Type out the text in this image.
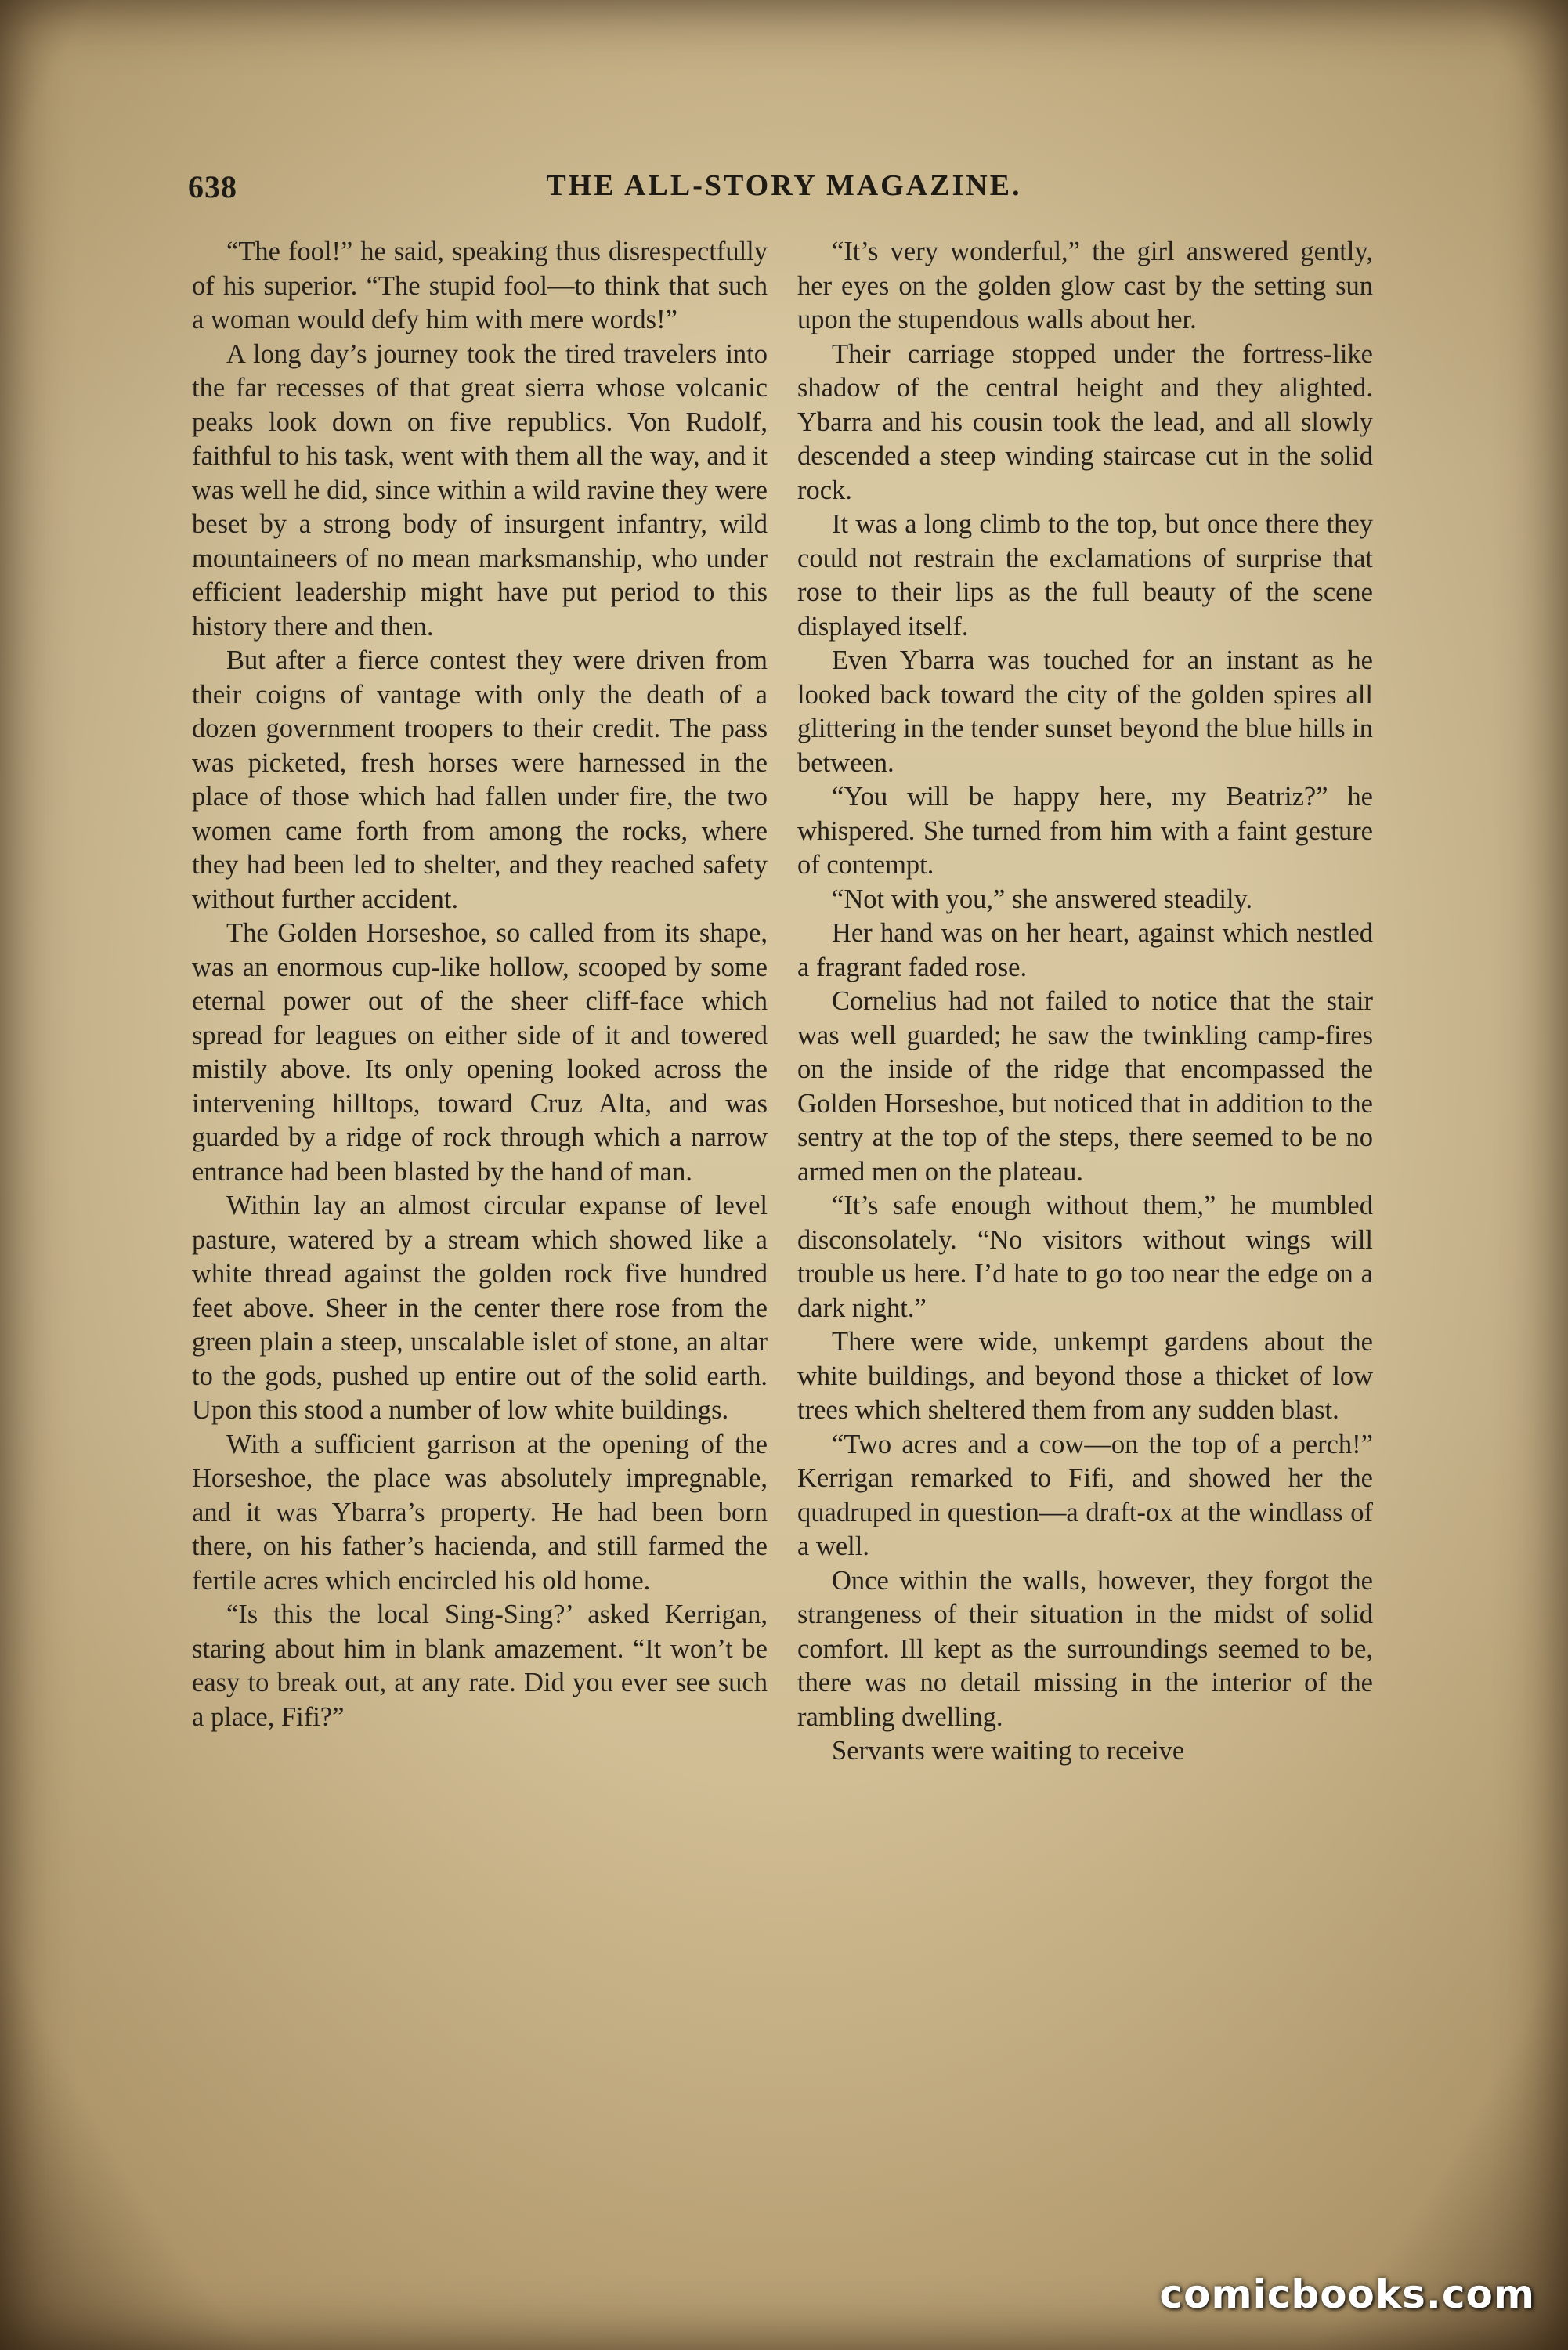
638	THE ALL-STORY MAGAZINE.

“The fool!” he said, speaking thus disrespectfully of his superior. “The stupid fool—to think that such a woman would defy him with mere words!”

A long day’s journey took the tired travelers into the far recesses of that great sierra whose volcanic peaks look down on five republics. Von Rudolf, faithful to his task, went with them all the way, and it was well he did, since within a wild ravine they were beset by a strong body of insurgent infantry, wild mountaineers of no mean marksmanship, who under efficient leadership might have put period to this history there and then.

But after a fierce contest they were driven from their coigns of vantage with only the death of a dozen government troopers to their credit. The pass was picketed, fresh horses were harnessed in the place of those which had fallen under fire, the two women came forth from among the rocks, where they had been led to shelter, and they reached safety without further accident.

The Golden Horseshoe, so called from its shape, was an enormous cup-like hollow, scooped by some eternal power out of the sheer cliff-face which spread for leagues on either side of it and towered mistily above. Its only opening looked across the intervening hilltops, toward Cruz Alta, and was guarded by a ridge of rock through which a narrow entrance had been blasted by the hand of man.

Within lay an almost circular expanse of level pasture, watered by a stream which showed like a white thread against the golden rock five hundred feet above. Sheer in the center there rose from the green plain a steep, unscalable islet of stone, an altar to the gods, pushed up entire out of the solid earth. Upon this stood a number of low white buildings.

With a sufficient garrison at the opening of the Horseshoe, the place was absolutely impregnable, and it was Ybarra’s property. He had been born there, on his father’s hacienda, and still farmed the fertile acres which encircled his old home.

“Is this the local Sing-Sing?’ asked Kerrigan, staring about him in blank amazement. “It won’t be easy to break out, at any rate. Did you ever see such a place, Fifi?”

“It’s very wonderful,” the girl answered gently, her eyes on the golden glow cast by the setting sun upon the stupendous walls about her.

Their carriage stopped under the fortress-like shadow of the central height and they alighted. Ybarra and his cousin took the lead, and all slowly descended a steep winding staircase cut in the solid rock.

It was a long climb to the top, but once there they could not restrain the exclamations of surprise that rose to their lips as the full beauty of the scene displayed itself.

Even Ybarra was touched for an instant as he looked back toward the city of the golden spires all glittering in the tender sunset beyond the blue hills in between.

“You will be happy here, my Beatriz?” he whispered. She turned from him with a faint gesture of contempt.

“Not with you,” she answered steadily.

Her hand was on her heart, against which nestled a fragrant faded rose.

Cornelius had not failed to notice that the stair was well guarded; he saw the twinkling camp-fires on the inside of the ridge that encompassed the Golden Horseshoe, but noticed that in addition to the sentry at the top of the steps, there seemed to be no armed men on the plateau.

“It’s safe enough without them,” he mumbled disconsolately. “No visitors without wings will trouble us here. I’d hate to go too near the edge on a dark night.”

There were wide, unkempt gardens about the white buildings, and beyond those a thicket of low trees which sheltered them from any sudden blast.

“Two acres and a cow—on the top of a perch!” Kerrigan remarked to Fifi, and showed her the quadruped in question—a draft-ox at the windlass of a well.

Once within the walls, however, they forgot the strangeness of their situation in the midst of solid comfort. Ill kept as the surroundings seemed to be, there was no detail missing in the interior of the rambling dwelling.

Servants were waiting to receive

comicbooks.com
